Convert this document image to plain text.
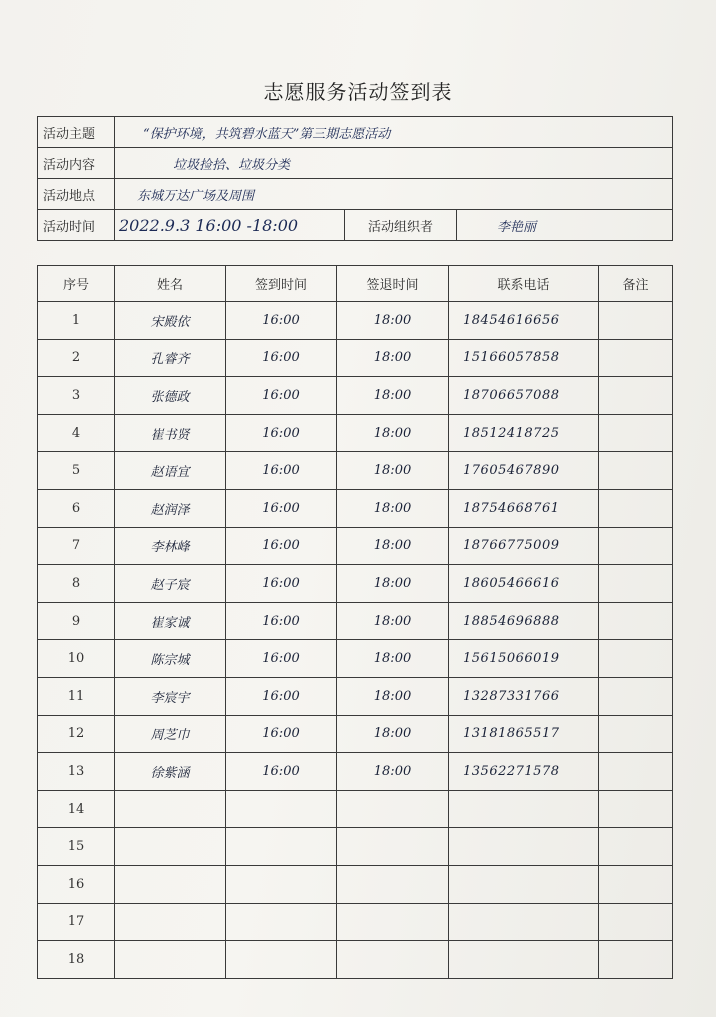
志愿服务活动签到表
活动主题	“保护环境，共筑碧水蓝天”第三期志愿活动		
活动内容	垃圾捡拾、垃圾分类		
活动地点	东城万达广场及周围		
活动时间	2022.9.3 16:00 -18:00	活动组织者	李艳丽
序号	姓名	签到时间	签退时间	联系电话	备注
1	宋殿依	16:00	18:00	18454616656	
2	孔睿齐	16:00	18:00	15166057858	
3	张德政	16:00	18:00	18706657088	
4	崔书贤	16:00	18:00	18512418725	
5	赵语宜	16:00	18:00	17605467890	
6	赵润泽	16:00	18:00	18754668761	
7	李林峰	16:00	18:00	18766775009	
8	赵子宸	16:00	18:00	18605466616	
9	崔家诚	16:00	18:00	18854696888	
10	陈宗城	16:00	18:00	15615066019	
11	李宸宇	16:00	18:00	13287331766	
12	周芝巾	16:00	18:00	13181865517	
13	徐紫涵	16:00	18:00	13562271578	
14					
15					
16					
17					
18					
